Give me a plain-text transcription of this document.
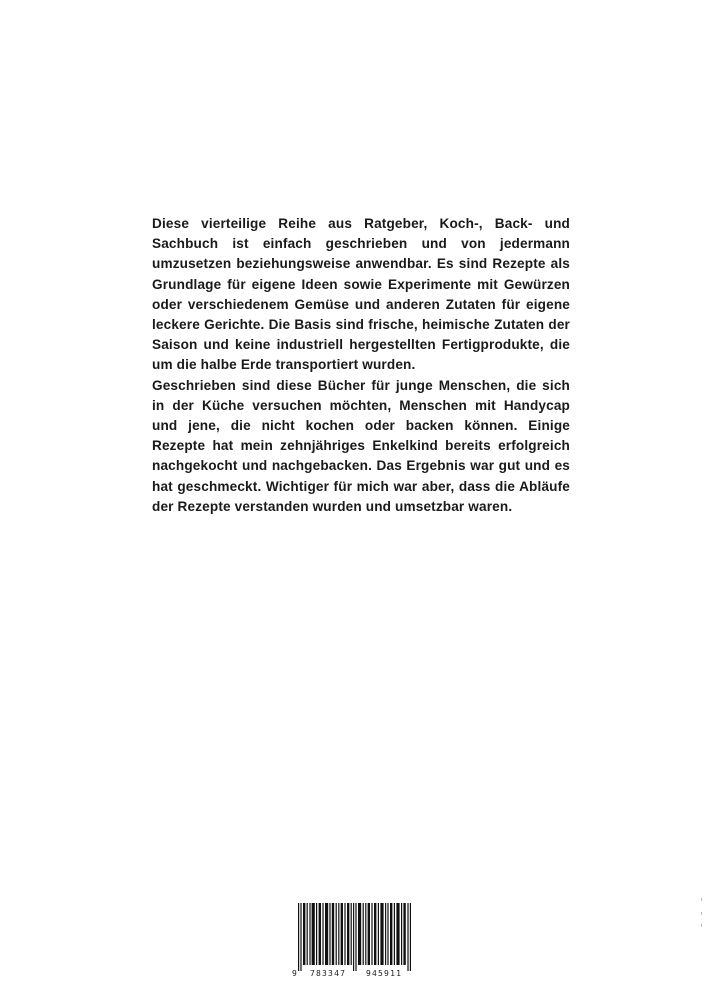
Diese vierteilige Reihe aus Ratgeber, Koch-, Back- und Sachbuch ist einfach geschrieben und von jedermann umzusetzen beziehungsweise anwendbar. Es sind Rezepte als Grundlage für eigene Ideen sowie Experimente mit Gewürzen oder verschiedenem Gemüse und anderen Zutaten für eigene leckere Gerichte. Die Basis sind frische, heimische Zutaten der Saison und keine industriell hergestellten Fertigprodukte, die um die halbe Erde transportiert wurden.

Geschrieben sind diese Bücher für junge Menschen, die sich in der Küche versuchen möchten, Menschen mit Handycap und jene, die nicht kochen oder backen können. Einige Rezepte hat mein zehnjähriges Enkelkind bereits erfolgreich nachgekocht und nachgebacken. Das Ergebnis war gut und es hat geschmeckt. Wichtiger für mich war aber, dass die Abläufe der Rezepte verstanden wurden und umsetzbar waren.

9 783347 945911
